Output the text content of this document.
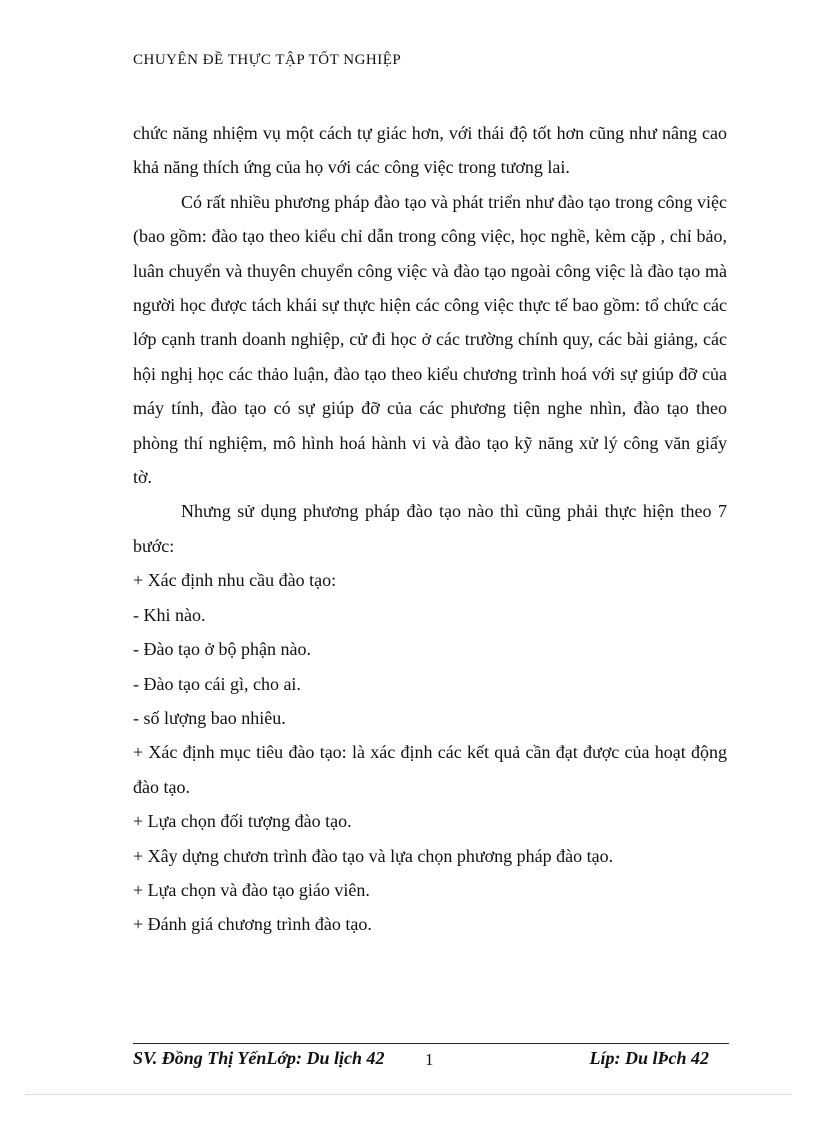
CHUYÊN ĐỀ THỰC TẬP TỐT NGHIỆP

chức năng nhiệm vụ một cách tự giác hơn, với thái độ tốt hơn cũng như nâng cao khả năng thích ứng của họ với các công việc trong tương lai.

Có rất nhiều phương pháp đào tạo và phát triển như đào tạo trong công việc (bao gồm: đào tạo theo kiểu chỉ dẫn trong công việc, học nghề, kèm cặp , chỉ bảo, luân chuyển và thuyên chuyển công việc và đào tạo ngoài công việc là đào tạo mà người học được tách khái sự thực hiện các công việc thực tế bao gồm: tổ chức các lớp cạnh tranh doanh nghiệp, cử đi học ở các trường chính quy, các bài giảng, các hội nghị học các thảo luận, đào tạo theo kiểu chương trình hoá với sự giúp đỡ của máy tính, đào tạo có sự giúp đỡ của các phương tiện nghe nhìn, đào tạo theo phòng thí nghiệm, mô hình hoá hành vi và đào tạo kỹ năng xử lý công văn giấy tờ.

Nhưng sử dụng phương pháp đào tạo nào thì cũng phải thực hiện theo 7 bước:

+ Xác định nhu cầu đào tạo:

- Khi nào.

- Đào tạo ở bộ phận nào.

- Đào tạo cái gì, cho ai.

- số lượng bao nhiêu.

+ Xác định mục tiêu đào tạo: là xác định các kết quả cần đạt được của hoạt động đào tạo.

+ Lựa chọn đối tượng đào tạo.

+ Xây dựng chươn trình đào tạo và lựa chọn phương pháp đào tạo.

+ Lựa chọn và đào tạo giáo viên.

+ Đánh giá chương trình đào tạo.

SV. Đồng Thị YếnLớp: Du lịch 42 1	Líp: Du lÞch 42
